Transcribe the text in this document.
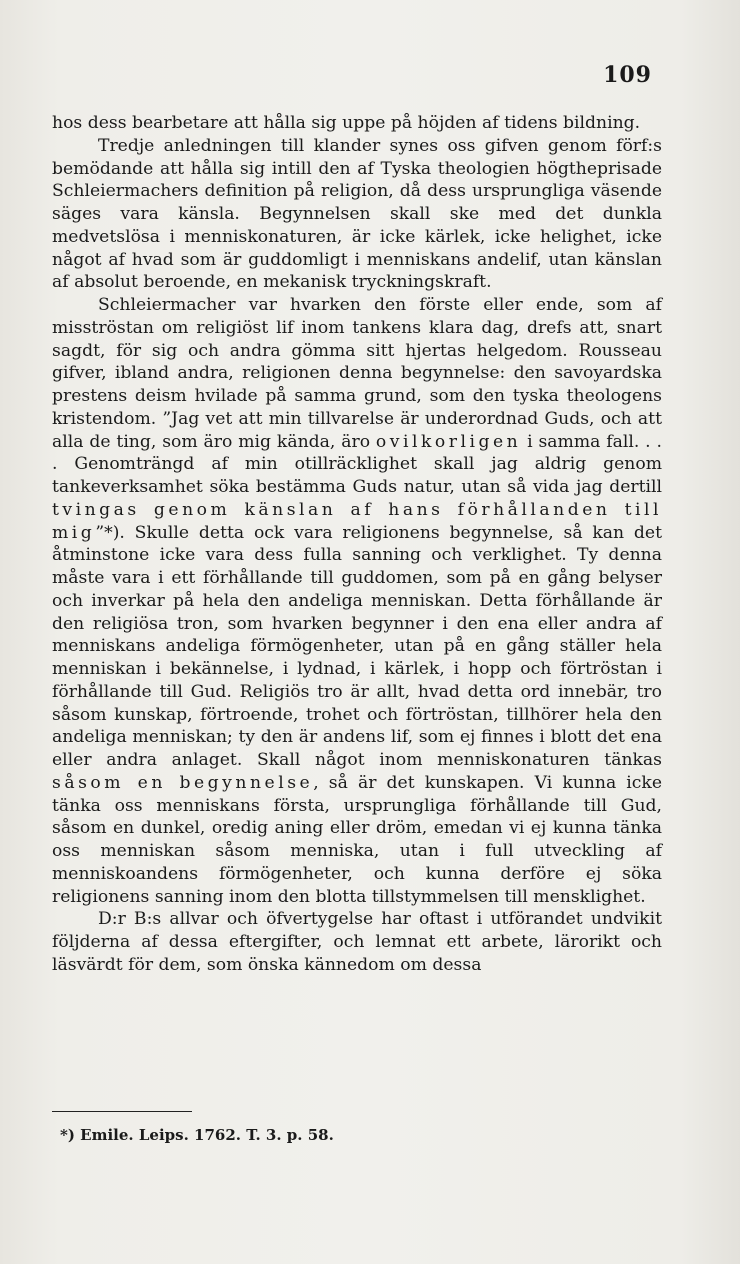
109

hos dess bearbetare att hålla sig uppe på höjden af tidens bildning.

Tredje anledningen till klander synes oss gifven genom förf:s bemödande att hålla sig intill den af Tyska theologien högtheprisade Schleiermachers definition på religion, då dess ursprungliga väsende säges vara känsla. Begynnelsen skall ske med det dunkla medvetslösa i menniskonaturen, är icke kärlek, icke helighet, icke något af hvad som är guddomligt i menniskans andelif, utan känslan af absolut beroende, en mekanisk tryckningskraft.

Schleiermacher var hvarken den förste eller ende, som af misströstan om religiöst lif inom tankens klara dag, drefs att, snart sagdt, för sig och andra gömma sitt hjertas helgedom. Rousseau gifver, ibland andra, religionen denna begynnelse: den savoyardska prestens deism hvilade på samma grund, som den tyska theologens kristendom. ”Jag vet att min tillvarelse är underordnad Guds, och att alla de ting, som äro mig kända, äro ovilkorligen i samma fall. . . . Genomträngd af min otillräcklighet skall jag aldrig genom tankeverksamhet söka bestämma Guds natur, utan så vida jag dertill tvingas genom känslan af hans förhållanden till mig”*). Skulle detta ock vara religionens begynnelse, så kan det åtminstone icke vara dess fulla sanning och verklighet. Ty denna måste vara i ett förhållande till guddomen, som på en gång belyser och inverkar på hela den andeliga menniskan. Detta förhållande är den religiösa tron, som hvarken begynner i den ena eller andra af menniskans andeliga förmögenheter, utan på en gång ställer hela menniskan i bekännelse, i lydnad, i kärlek, i hopp och förtröstan i förhållande till Gud. Religiös tro är allt, hvad detta ord innebär, tro såsom kunskap, förtroende, trohet och förtröstan, tillhörer hela den andeliga menniskan; ty den är andens lif, som ej finnes i blott det ena eller andra anlaget. Skall något inom menniskonaturen tänkas såsom en begynnelse, så är det kunskapen. Vi kunna icke tänka oss menniskans första, ursprungliga förhållande till Gud, såsom en dunkel, oredig aning eller dröm, emedan vi ej kunna tänka oss menniskan såsom menniska, utan i full utveckling af menniskoandens förmögenheter, och kunna derföre ej söka religionens sanning inom den blotta tillstymmelsen till mensklighet.

D:r B:s allvar och öfvertygelse har oftast i utförandet undvikit följderna af dessa eftergifter, och lemnat ett arbete, lärorikt och läsvärdt för dem, som önska kännedom om dessa

*) Emile. Leips. 1762. T. 3. p. 58.
